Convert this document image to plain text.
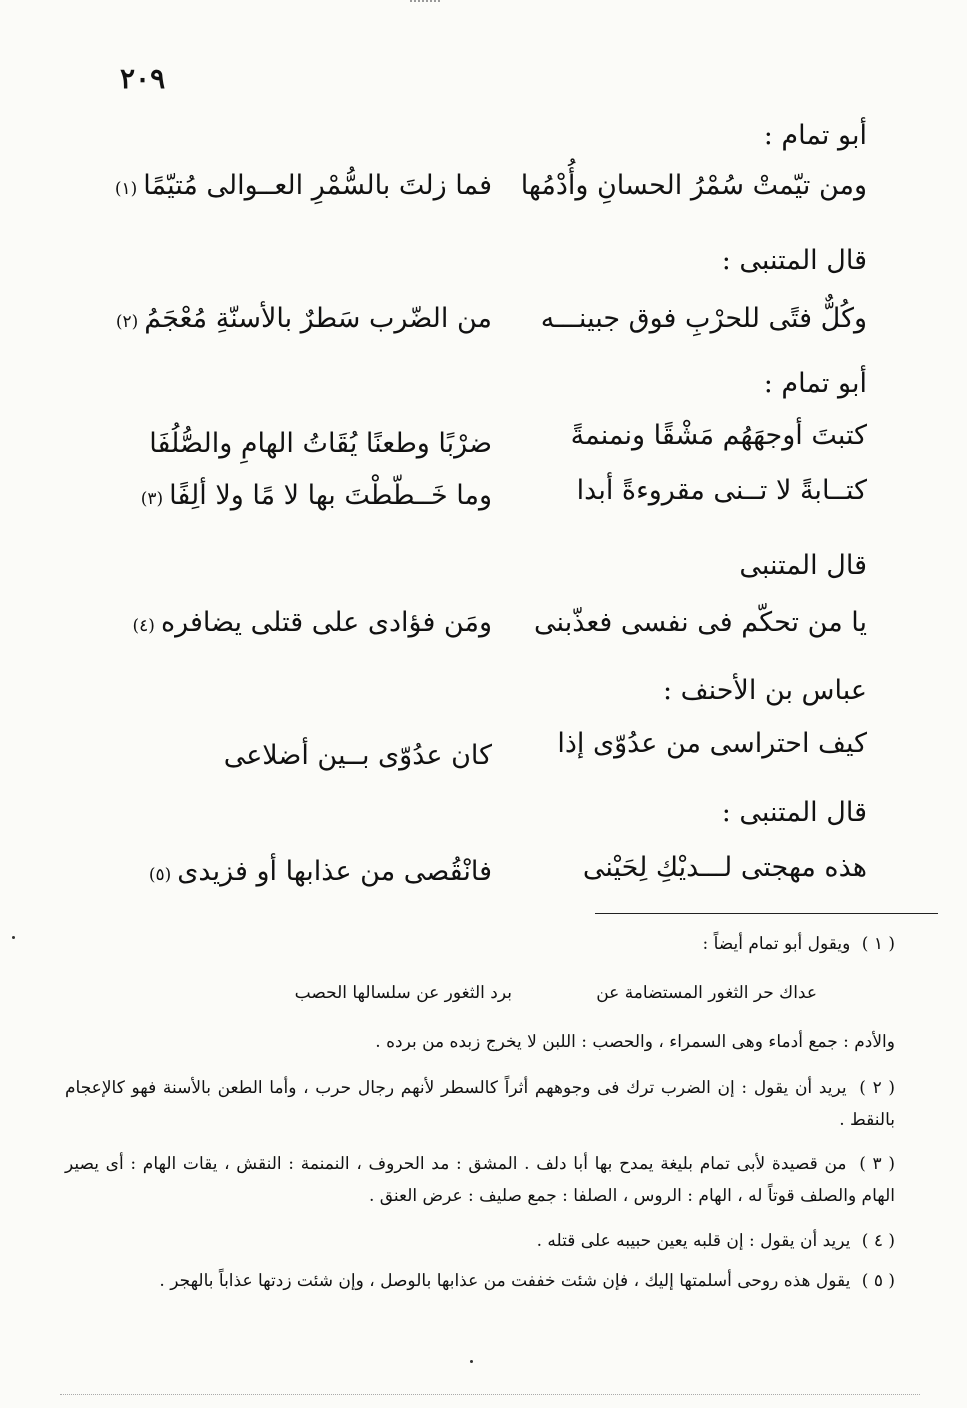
٢٠٩
أبو تمام :
ومن تيّمتْ سُمْرُ الحسانِ وأُدْمُها
فما زلتَ بالسُّمْرِ العــوالى مُتيّمًا(١)
قال المتنبى :
وكُلٌّ فتًى للحرْبِ فوق جبينـــه
من الضّرب سَطرٌ بالأسنّةِ مُعْجَمُ(٢)
أبو تمام :
كتبتَ أوجهَهُم مَشْقًا ونمنمةً
ضرْبًا وطعنًا يُقَاتُ الهامِ والصُّلُفَا
كتــابةً لا تــنى مقروءةً أبدا
وما خَــطّطْتَ بها لا مًا ولا ألِفًا(٣)
قال المتنبى
يا من تحكّم فى نفسى فعذّبنى
ومَن فؤادى على قتلى يضافره(٤)
عباس بن الأحنف :
كيف احتراسى من عدُوّى إذا
كان عدُوّى بــين أضلاعى
قال المتنبى :
هذه مهجتى لـــديْكِ لِحَيْنى
فانْقُصى من عذابها أو فزيدى(٥)
( ١ ) ويقول أبو تمام أيضاً :
عداك حر الثغور المستضامة عن
برد الثغور عن سلسالها الحصب
والأدم : جمع أدماء وهى السمراء ، والحصب : اللبن لا يخرج زبده من برده .
( ٢ ) يريد أن يقول : إن الضرب ترك فى وجوههم أثراً كالسطر لأنهم رجال حرب ، وأما الطعن بالأسنة فهو كالإعجام بالنقط .
( ٣ ) من قصيدة لأبى تمام بليغة يمدح بها أبا دلف . المشق : مد الحروف ، النمنمة : النقش ، يقات الهام : أى يصير الهام والصلف قوتاً له ، الهام : الروس ، الصلفا : جمع صليف : عرض العنق .
( ٤ ) يريد أن يقول : إن قلبه يعين حبيبه على قتله .
( ٥ ) يقول هذه روحى أسلمتها إليك ، فإن شئت خففت من عذابها بالوصل ، وإن شئت زدتها عذاباً بالهجر .
